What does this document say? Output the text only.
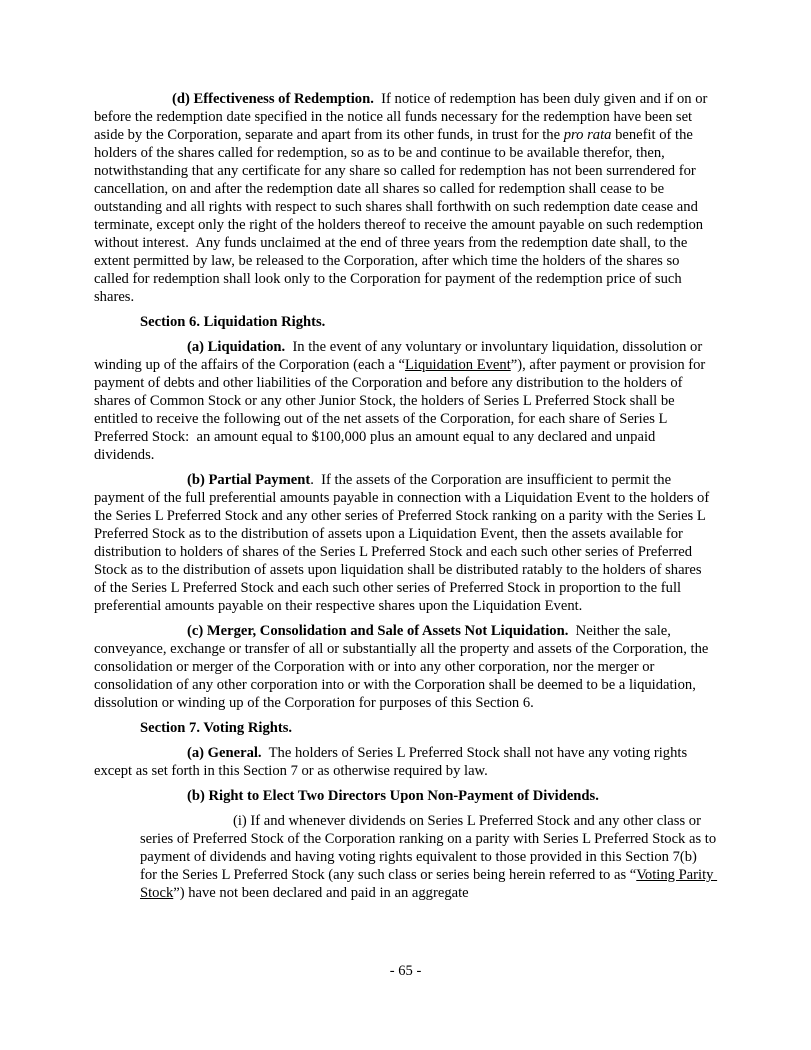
(d) Effectiveness of Redemption.  If notice of redemption has been duly given and if on or before the redemption date specified in the notice all funds necessary for the redemption have been set aside by the Corporation, separate and apart from its other funds, in trust for the pro rata benefit of the holders of the shares called for redemption, so as to be and continue to be available therefor, then, notwithstanding that any certificate for any share so called for redemption has not been surrendered for cancellation, on and after the redemption date all shares so called for redemption shall cease to be outstanding and all rights with respect to such shares shall forthwith on such redemption date cease and terminate, except only the right of the holders thereof to receive the amount payable on such redemption without interest.  Any funds unclaimed at the end of three years from the redemption date shall, to the extent permitted by law, be released to the Corporation, after which time the holders of the shares so called for redemption shall look only to the Corporation for payment of the redemption price of such shares.

Section 6. Liquidation Rights.

(a) Liquidation.  In the event of any voluntary or involuntary liquidation, dissolution or winding up of the affairs of the Corporation (each a “Liquidation Event”), after payment or provision for payment of debts and other liabilities of the Corporation and before any distribution to the holders of shares of Common Stock or any other Junior Stock, the holders of Series L Preferred Stock shall be entitled to receive the following out of the net assets of the Corporation, for each share of Series L Preferred Stock:  an amount equal to $100,000 plus an amount equal to any declared and unpaid dividends.

(b) Partial Payment.  If the assets of the Corporation are insufficient to permit the payment of the full preferential amounts payable in connection with a Liquidation Event to the holders of the Series L Preferred Stock and any other series of Preferred Stock ranking on a parity with the Series L Preferred Stock as to the distribution of assets upon a Liquidation Event, then the assets available for distribution to holders of shares of the Series L Preferred Stock and each such other series of Preferred Stock as to the distribution of assets upon liquidation shall be distributed ratably to the holders of shares of the Series L Preferred Stock and each such other series of Preferred Stock in proportion to the full preferential amounts payable on their respective shares upon the Liquidation Event.

(c) Merger, Consolidation and Sale of Assets Not Liquidation.  Neither the sale, conveyance, exchange or transfer of all or substantially all the property and assets of the Corporation, the consolidation or merger of the Corporation with or into any other corporation, nor the merger or consolidation of any other corporation into or with the Corporation shall be deemed to be a liquidation, dissolution or winding up of the Corporation for purposes of this Section 6.

Section 7. Voting Rights.

(a) General.  The holders of Series L Preferred Stock shall not have any voting rights except as set forth in this Section 7 or as otherwise required by law.

(b) Right to Elect Two Directors Upon Non-Payment of Dividends.

(i) If and whenever dividends on Series L Preferred Stock and any other class or series of Preferred Stock of the Corporation ranking on a parity with Series L Preferred Stock as to payment of dividends and having voting rights equivalent to those provided in this Section 7(b) for the Series L Preferred Stock (any such class or series being herein referred to as “Voting Parity Stock”) have not been declared and paid in an aggregate

- 65 -
